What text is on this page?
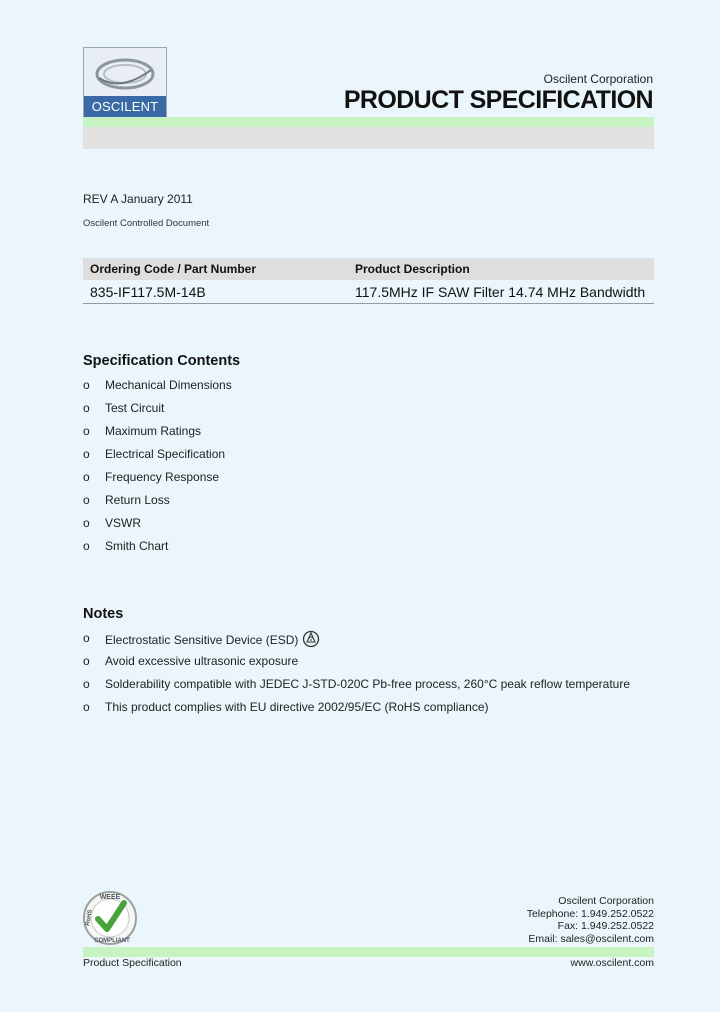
OSCILENT
Oscilent Corporation
PRODUCT SPECIFICATION
REV A January 2011
Oscilent Controlled Document
Ordering Code / Part Number	Product Description
835-IF117.5M-14B	117.5MHz IF SAW Filter 14.74 MHz Bandwidth
Specification Contents
o Mechanical Dimensions
o Test Circuit
o Maximum Ratings
o Electrical Specification
o Frequency Response
o Return Loss
o VSWR
o Smith Chart
Notes
o Electrostatic Sensitive Device (ESD)
o Avoid excessive ultrasonic exposure
o Solderability compatible with JEDEC J-STD-020C Pb-free process, 260°C peak reflow temperature
o This product complies with EU directive 2002/95/EC (RoHS compliance)
WEEE
RoHS
COMPLIANT
Oscilent Corporation
Telephone: 1.949.252.0522
Fax: 1.949.252.0522
Email: sales@oscilent.com
Product Specification	www.oscilent.com
